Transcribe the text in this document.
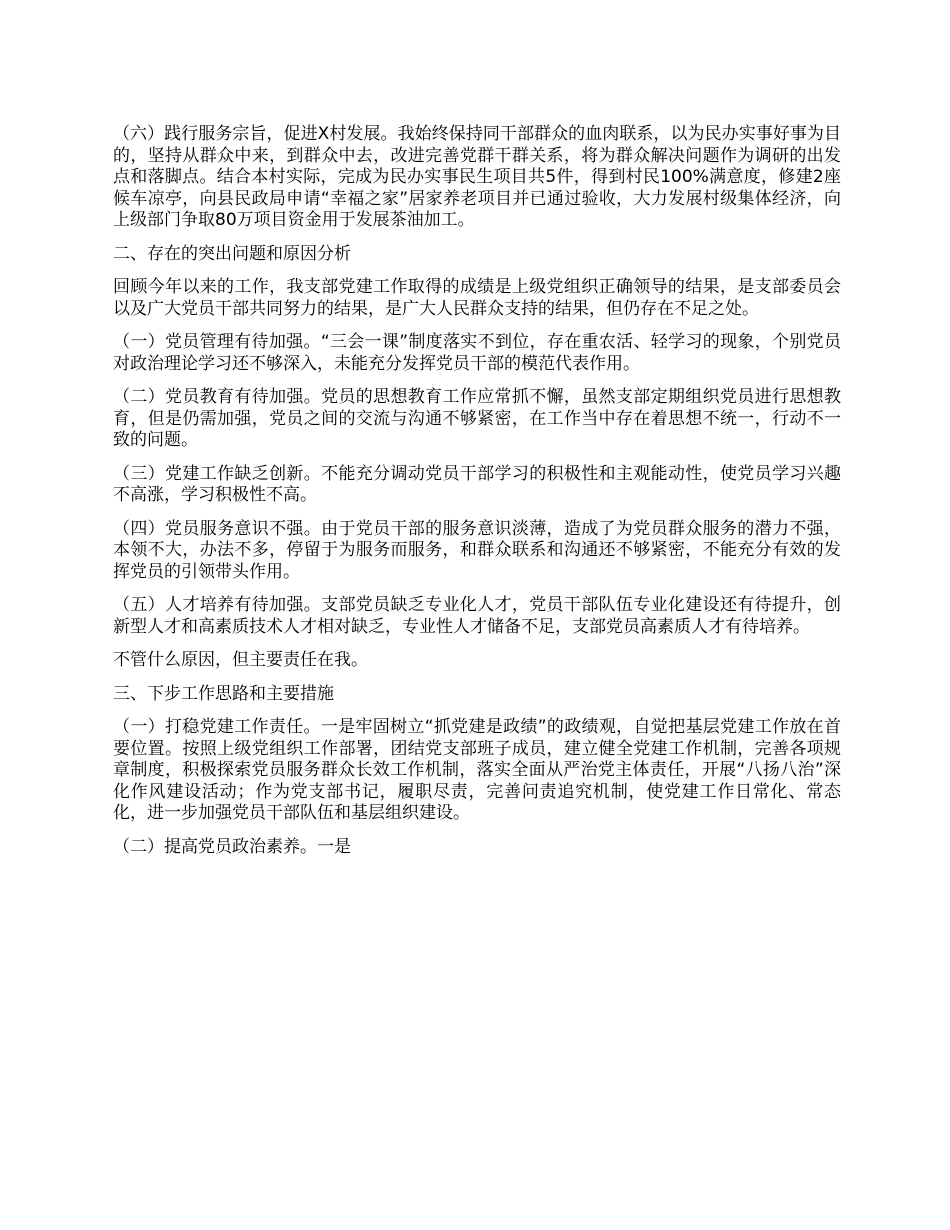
（六）践行服务宗旨，促进X村发展。我始终保持同干部群众的血肉联系，以为民办实事好事为目的，坚持从群众中来，到群众中去，改进完善党群干群关系，将为群众解决问题作为调研的出发点和落脚点。结合本村实际，完成为民办实事民生项目共5件，得到村民100%满意度，修建2座候车凉亭，向县民政局申请“幸福之家”居家养老项目并已通过验收，大力发展村级集体经济，向上级部门争取80万项目资金用于发展茶油加工。

二、存在的突出问题和原因分析

回顾今年以来的工作，我支部党建工作取得的成绩是上级党组织正确领导的结果，是支部委员会以及广大党员干部共同努力的结果，是广大人民群众支持的结果，但仍存在不足之处。

（一）党员管理有待加强。“三会一课”制度落实不到位，存在重农活、轻学习的现象，个别党员对政治理论学习还不够深入，未能充分发挥党员干部的模范代表作用。

（二）党员教育有待加强。党员的思想教育工作应常抓不懈，虽然支部定期组织党员进行思想教育，但是仍需加强，党员之间的交流与沟通不够紧密，在工作当中存在着思想不统一，行动不一致的问题。

（三）党建工作缺乏创新。不能充分调动党员干部学习的积极性和主观能动性，使党员学习兴趣不高涨，学习积极性不高。

（四）党员服务意识不强。由于党员干部的服务意识淡薄，造成了为党员群众服务的潜力不强，本领不大，办法不多，停留于为服务而服务，和群众联系和沟通还不够紧密，不能充分有效的发挥党员的引领带头作用。

（五）人才培养有待加强。支部党员缺乏专业化人才，党员干部队伍专业化建设还有待提升，创新型人才和高素质技术人才相对缺乏，专业性人才储备不足，支部党员高素质人才有待培养。

不管什么原因，但主要责任在我。

三、下步工作思路和主要措施

（一）打稳党建工作责任。一是牢固树立“抓党建是政绩”的政绩观，自觉把基层党建工作放在首要位置。按照上级党组织工作部署，团结党支部班子成员，建立健全党建工作机制，完善各项规章制度，积极探索党员服务群众长效工作机制，落实全面从严治党主体责任，开展“八扬八治”深化作风建设活动；作为党支部书记，履职尽责，完善问责追究机制，使党建工作日常化、常态化，进一步加强党员干部队伍和基层组织建设。

（二）提高党员政治素养。一是
